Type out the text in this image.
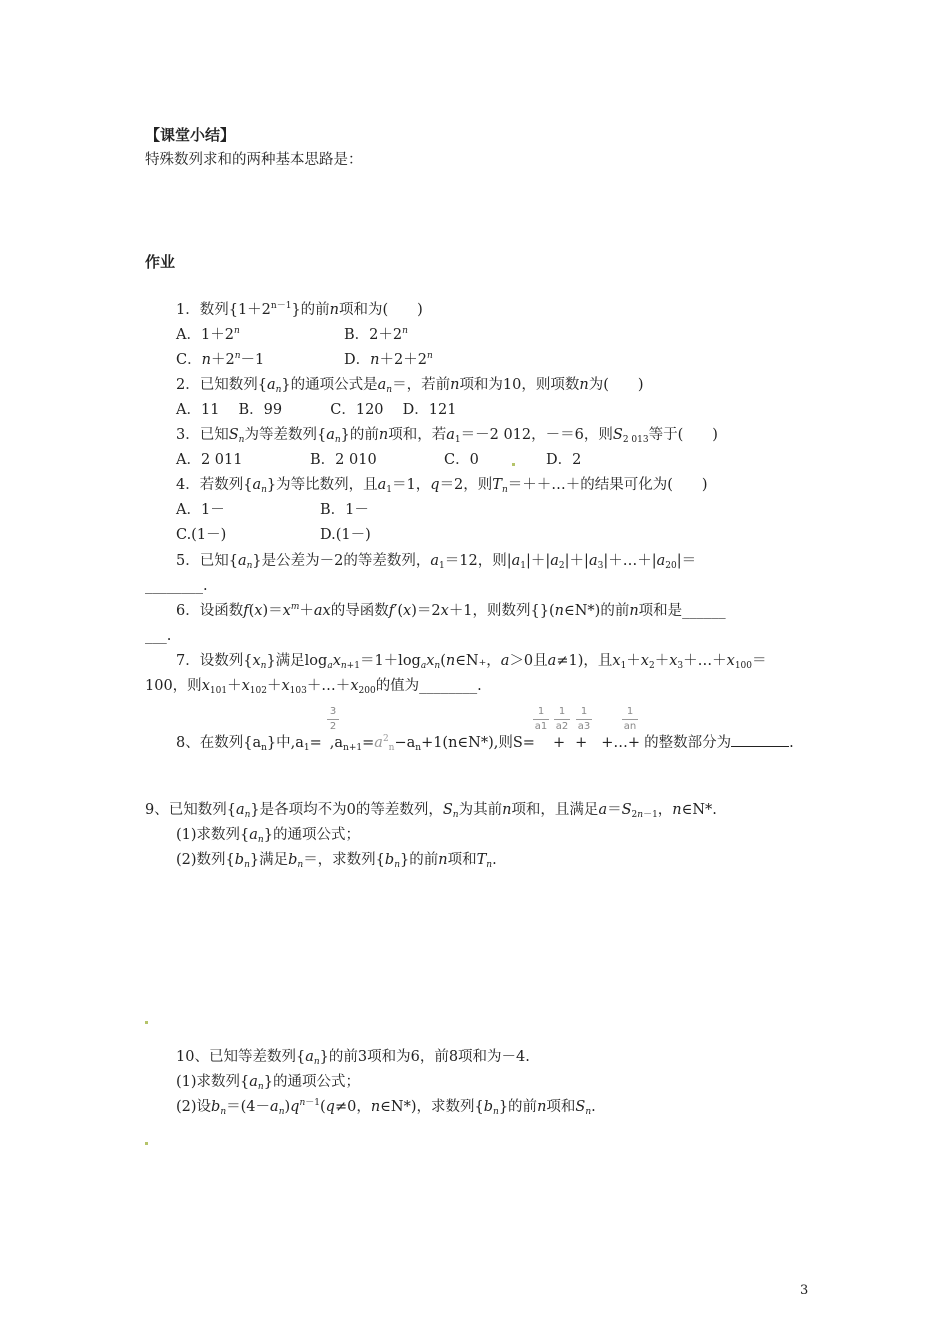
【课堂小结】
特殊数列求和的两种基本思路是：
作业
1．数列$\{1+2^{n-1}\}$的前n项和为(　　)
A．$1+2^n$	B．$2+2^n$
C．$n+2^n-1$	D．$n+2+2^n$
2．已知数列$\{a_n\}$的通项公式是$a_n=$，若前n项和为10，则项数n为(　　)
A．11　 B．99　　　 C．120　 D．121
3．已知$S_n$为等差数列$\{a_n\}$的前n项和，若$a_1=-2$ 012，－＝6，则$S_{2 013}$等于(　　)
A．2 011	B．2 010	C．0	D．2
4．若数列$\{a_n\}$为等比数列，且$a_1=1$，q＝2，则$T_n=++\dots+$的结果可化为(　　)
A．1－	B．1－
C.(1－)	D.(1－)
5．已知$\{a_n\}$是公差为－2的等差数列，$a_1=12$，则$|a_1|+|a_2|+|a_3|+\dots+|a_{20}|=$
________.
6．设函数$f(x)=x^m+ax$的导函数f′(x)＝2x＋1，则数列{}(n∈N*)的前n项和是______
___.
7．设数列$\{x_n\}$满足$\log_ax_{n+1}=1+\log_ax_n(n\in N_+$，a＞0且a≠1)，且$x_1+x_2+x_3+\dots+x_{100}=$
100，则$x_{101}+x_{102}+x_{103}+\dots+x_{200}$的值为________.
3
2
1
a1
1
a2
1
a3
1
an
8、在数列$\{a_n\}$中$,a_1=$ $,a_{n+1}=a^2_n-a_n+1(n\in N*)$,则S= + + +…+ 的整数部分为	.
9、已知数列$\{a_n\}$是各项均不为0的等差数列，$S_n$为其前n项和，且满足$a=S_{2n-1}$，n∈N*.
(1)求数列$\{a_n\}$的通项公式；
(2)数列$\{b_n\}$满足$b_n=$，求数列$\{b_n\}$的前n项和$T_n$.
10、已知等差数列$\{a_n\}$的前3项和为6，前8项和为－4.
(1)求数列$\{a_n\}$的通项公式；
(2)设$b_n=(4-a_n)q^{n-1}(q\ne 0$，n∈N*)，求数列$\{b_n\}$的前n项和$S_n$.
3
